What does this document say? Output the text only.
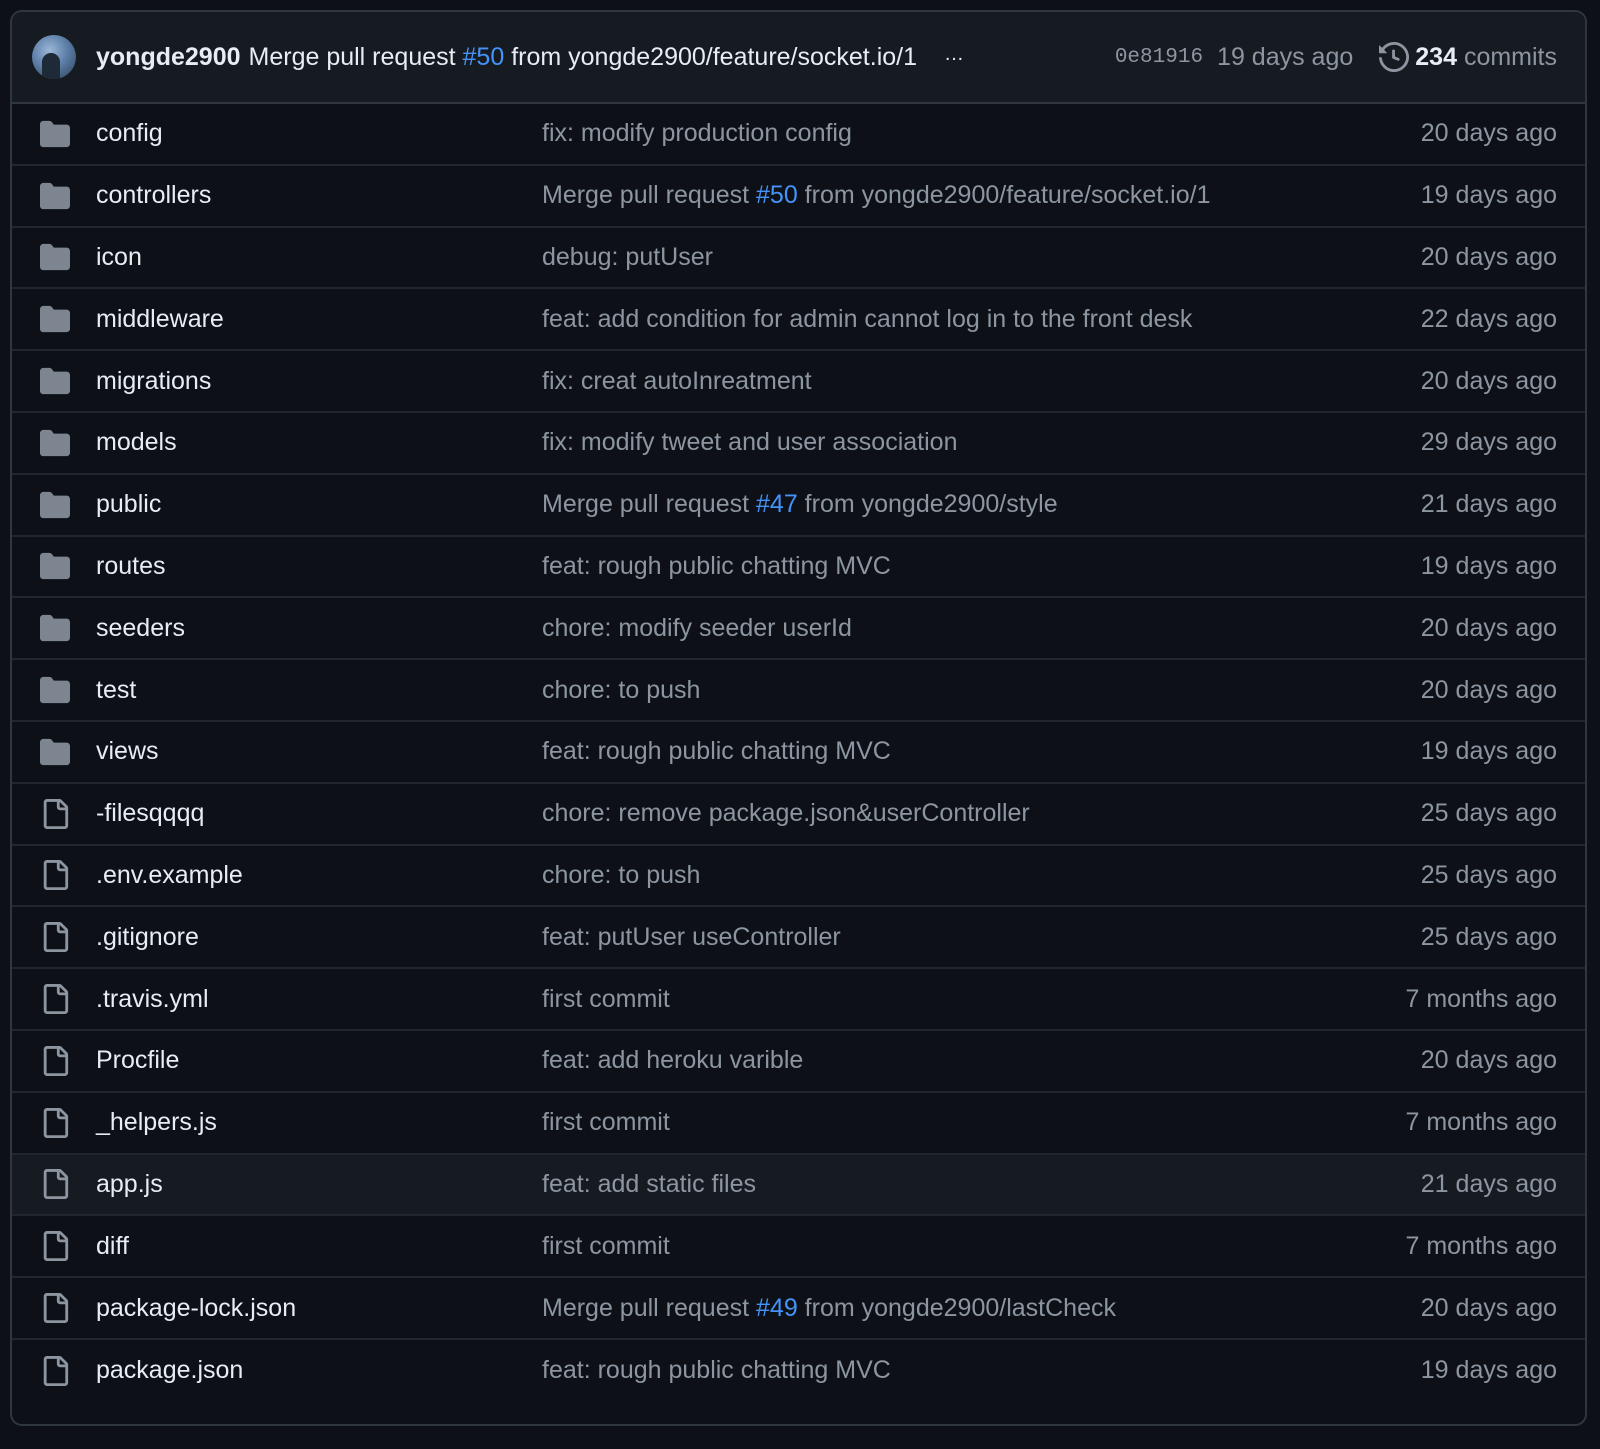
yongde2900 Merge pull request #50 from yongde2900/feature/socket.io/1 …	0e81916 19 days ago 234 commits
config	fix: modify production config	20 days ago
controllers	Merge pull request #50 from yongde2900/feature/socket.io/1	19 days ago
icon	debug: putUser	20 days ago
middleware	feat: add condition for admin cannot log in to the front desk	22 days ago
migrations	fix: creat autoInreatment	20 days ago
models	fix: modify tweet and user association	29 days ago
public	Merge pull request #47 from yongde2900/style	21 days ago
routes	feat: rough public chatting MVC	19 days ago
seeders	chore: modify seeder userId	20 days ago
test	chore: to push	20 days ago
views	feat: rough public chatting MVC	19 days ago
-filesqqqq	chore: remove package.json&userController	25 days ago
.env.example	chore: to push	25 days ago
.gitignore	feat: putUser useController	25 days ago
.travis.yml	first commit	7 months ago
Procfile	feat: add heroku varible	20 days ago
_helpers.js	first commit	7 months ago
app.js	feat: add static files	21 days ago
diff	first commit	7 months ago
package-lock.json	Merge pull request #49 from yongde2900/lastCheck	20 days ago
package.json	feat: rough public chatting MVC	19 days ago
